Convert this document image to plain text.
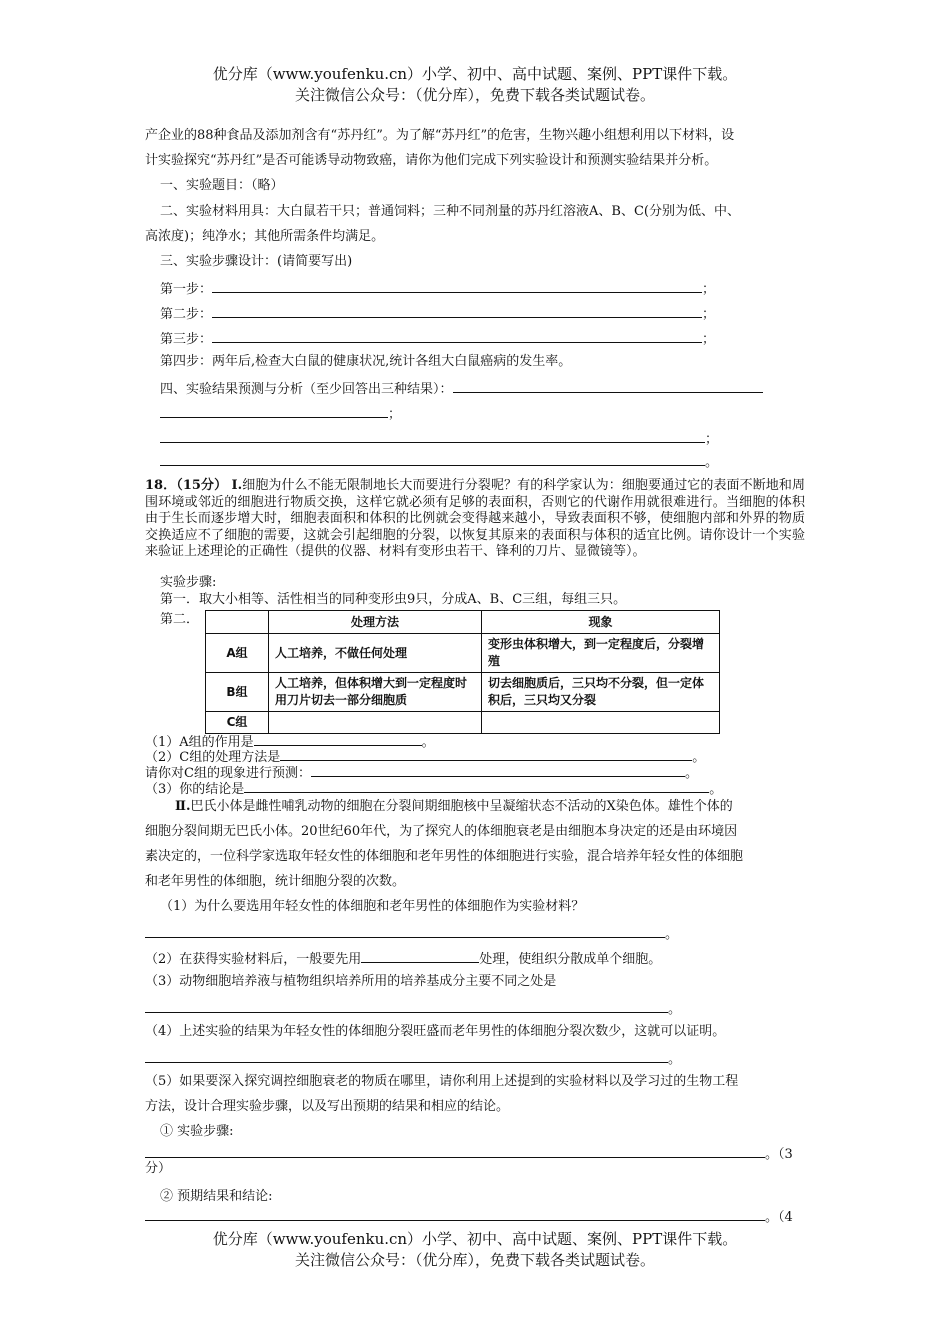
优分库（www.youfenku.cn）小学、初中、高中试题、案例、PPT课件下载。
关注微信公众号：（优分库），免费下载各类试题试卷。
产企业的88种食品及添加剂含有“苏丹红”。为了解“苏丹红”的危害，生物兴趣小组想利用以下材料，设
计实验探究“苏丹红”是否可能诱导动物致癌，请你为他们完成下列实验设计和预测实验结果并分析。
一、实验题目：（略）
二、实验材料用具：大白鼠若干只；普通饲料；三种不同剂量的苏丹红溶液A、B、C(分别为低、中、
高浓度)；纯净水；其他所需条件均满足。
三、实验步骤设计：(请简要写出)
第一步：	；
第二步：	；
第三步：	；
第四步：两年后,检查大白鼠的健康状况,统计各组大白鼠癌病的发生率。
四、实验结果预测与分析（至少回答出三种结果）：
；
；
。
18．（15分） Ⅰ.细胞为什么不能无限制地长大而要进行分裂呢？有的科学家认为：细胞要通过它的表面不断地和周围环境或邻近的细胞进行物质交换，这样它就必须有足够的表面积，否则它的代谢作用就很难进行。当细胞的体积由于生长而逐步增大时，细胞表面积和体积的比例就会变得越来越小，导致表面积不够，使细胞内部和外界的物质交换适应不了细胞的需要，这就会引起细胞的分裂，以恢复其原来的表面积与体积的适宜比例。请你设计一个实验来验证上述理论的正确性（提供的仪器、材料有变形虫若干、锋利的刀片、显微镜等）。
实验步骤:
第一．取大小相等、活性相当的同种变形虫9只，分成A、B、C三组，每组三只。
第二．
		处理方法	现象
A组	人工培养，不做任何处理	变形虫体积增大，到一定程度后，分裂增殖
B组	人工培养，但体积增大到一定程度时用刀片切去一部分细胞质	切去细胞质后，三只均不分裂，但一定体积后，三只均又分裂
C组		
（1）A组的作用是	。
（2）C组的处理方法是	。
请你对C组的现象进行预测：	。
（3）你的结论是	。
Ⅱ.巴氏小体是雌性哺乳动物的细胞在分裂间期细胞核中呈凝缩状态不活动的X染色体。雄性个体的
细胞分裂间期无巴氏小体。20世纪60年代，为了探究人的体细胞衰老是由细胞本身决定的还是由环境因
素决定的，一位科学家选取年轻女性的体细胞和老年男性的体细胞进行实验，混合培养年轻女性的体细胞
和老年男性的体细胞，统计细胞分裂的次数。
（1）为什么要选用年轻女性的体细胞和老年男性的体细胞作为实验材料？
。
（2）在获得实验材料后，一般要先用	处理，使组织分散成单个细胞。
（3）动物细胞培养液与植物组织培养所用的培养基成分主要不同之处是
。
（4）上述实验的结果为年轻女性的体细胞分裂旺盛而老年男性的体细胞分裂次数少，这就可以证明。
。
（5）如果要深入探究调控细胞衰老的物质在哪里，请你利用上述提到的实验材料以及学习过的生物工程
方法，设计合理实验步骤，以及写出预期的结果和相应的结论。
① 实验步骤:
。（3
分）
② 预期结果和结论:
。（4
优分库（www.youfenku.cn）小学、初中、高中试题、案例、PPT课件下载。
关注微信公众号：（优分库），免费下载各类试题试卷。
